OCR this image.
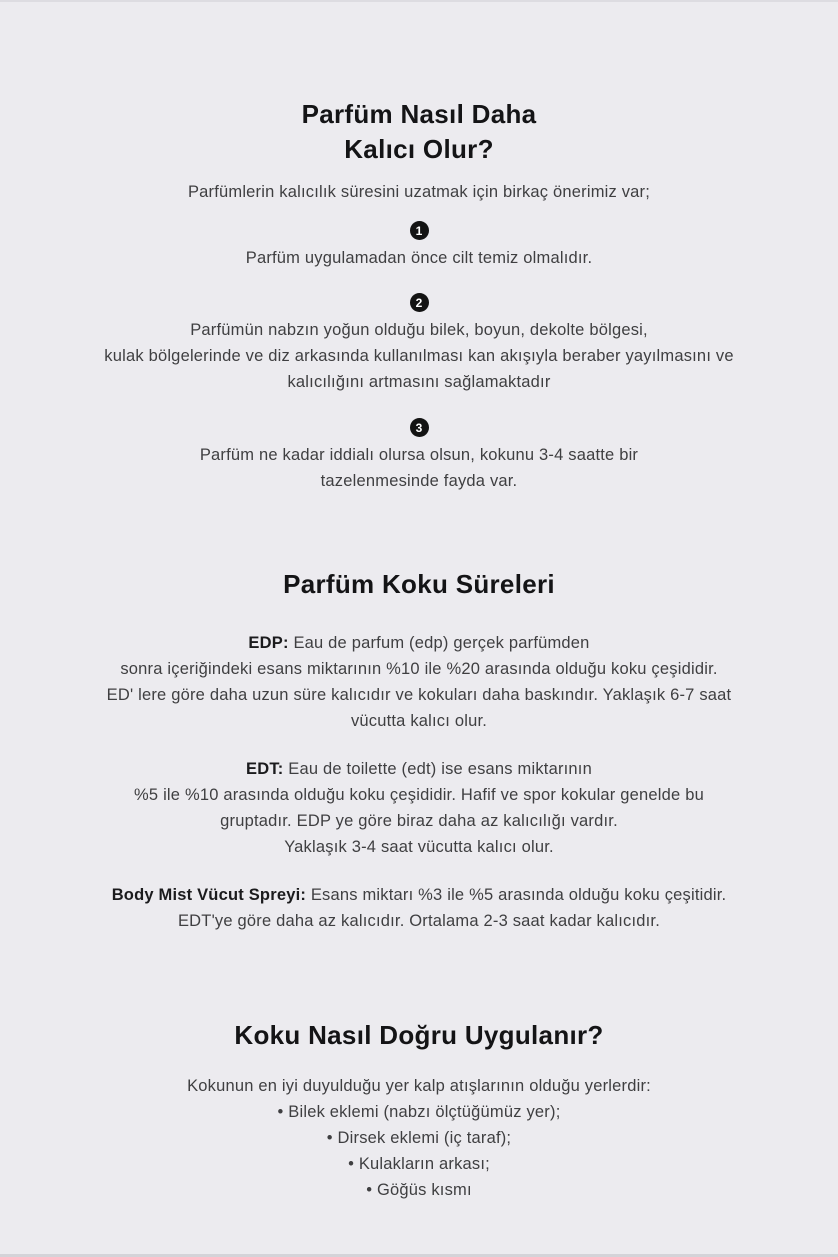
Parfüm Nasıl Daha
Kalıcı Olur?

Parfümlerin kalıcılık süresini uzatmak için birkaç önerimiz var;

1

Parfüm uygulamadan önce cilt temiz olmalıdır.

2

Parfümün nabzın yoğun olduğu bilek, boyun, dekolte bölgesi,

kulak bölgelerinde ve diz arkasında kullanılması kan akışıyla beraber yayılmasını ve

kalıcılığını artmasını sağlamaktadır

3

Parfüm ne kadar iddialı olursa olsun, kokunu 3-4 saatte bir

tazelenmesinde fayda var.

Parfüm Koku Süreleri

EDP: Eau de parfum (edp) gerçek parfümden

sonra içeriğindeki esans miktarının %10 ile %20 arasında olduğu koku çeşididir.

ED' lere göre daha uzun süre kalıcıdır ve kokuları daha baskındır. Yaklaşık 6-7 saat

vücutta kalıcı olur.

EDT: Eau de toilette (edt) ise esans miktarının

%5 ile %10 arasında olduğu koku çeşididir. Hafif ve spor kokular genelde bu

gruptadır. EDP ye göre biraz daha az kalıcılığı vardır.

Yaklaşık 3-4 saat vücutta kalıcı olur.

Body Mist Vücut Spreyi: Esans miktarı %3 ile %5 arasında olduğu koku çeşitidir.

EDT'ye göre daha az kalıcıdır. Ortalama 2-3 saat kadar kalıcıdır.

Koku Nasıl Doğru Uygulanır?

Kokunun en iyi duyulduğu yer kalp atışlarının olduğu yerlerdir:

• Bilek eklemi (nabzı ölçtüğümüz yer);

• Dirsek eklemi (iç taraf);

• Kulakların arkası;

• Göğüs kısmı
